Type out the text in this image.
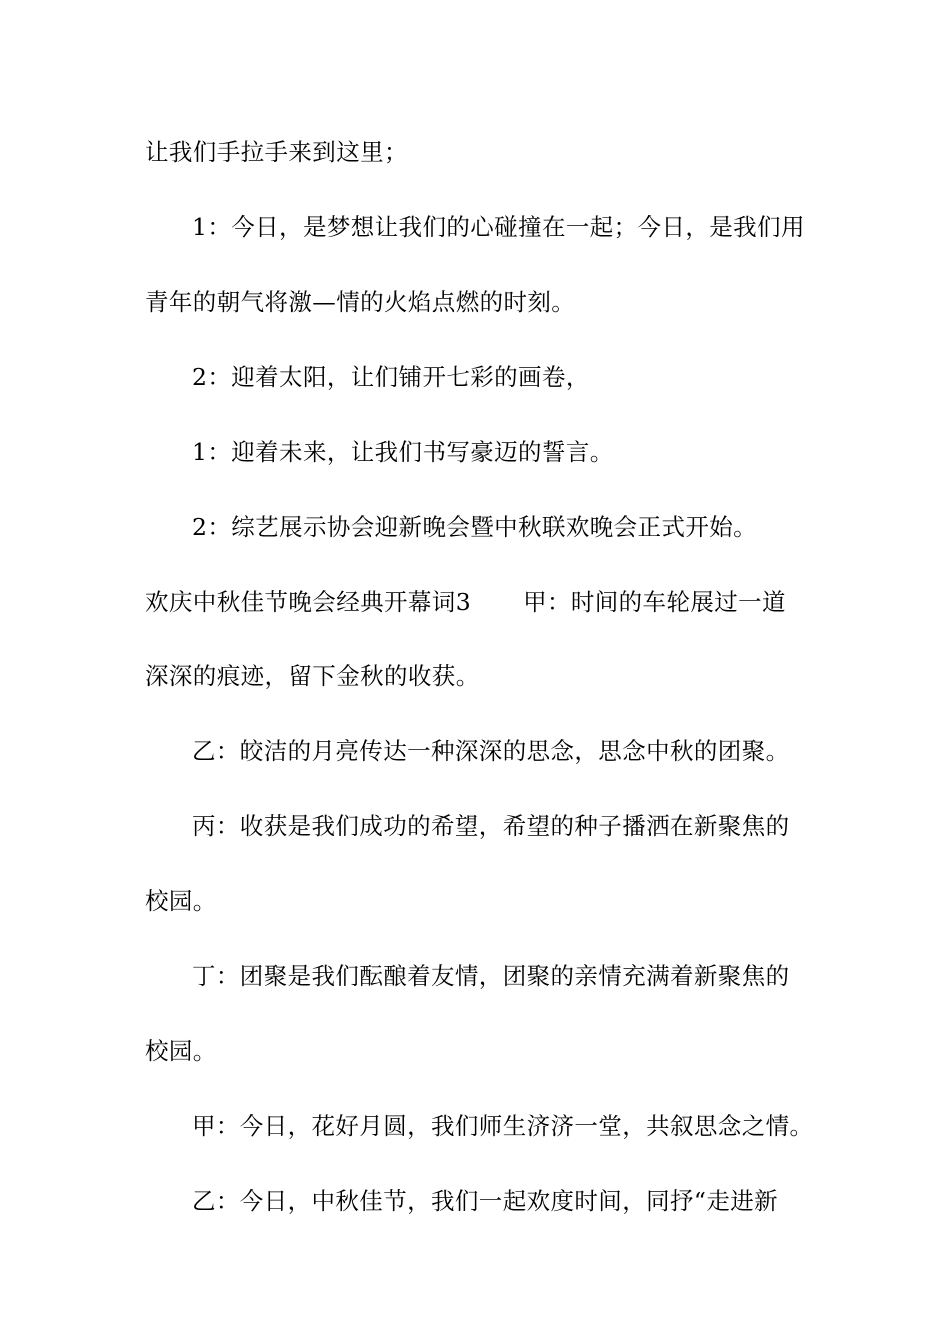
让我们手拉手来到这里；
1：今日，是梦想让我们的心碰撞在一起；今日，是我们用
青年的朝气将激—情的火焰点燃的时刻。
2：迎着太阳，让们铺开七彩的画卷，
1：迎着未来，让我们书写豪迈的誓言。
2：综艺展示协会迎新晚会暨中秋联欢晚会正式开始。
欢庆中秋佳节晚会经典开幕词3 甲：时间的车轮展过一道
深深的痕迹，留下金秋的收获。
乙：皎洁的月亮传达一种深深的思念，思念中秋的团聚。
丙：收获是我们成功的希望，希望的种子播洒在新聚焦的
校园。
丁：团聚是我们酝酿着友情，团聚的亲情充满着新聚焦的
校园。
甲：今日，花好月圆，我们师生济济一堂，共叙思念之情。
乙：今日，中秋佳节，我们一起欢度时间，同抒“走进新
